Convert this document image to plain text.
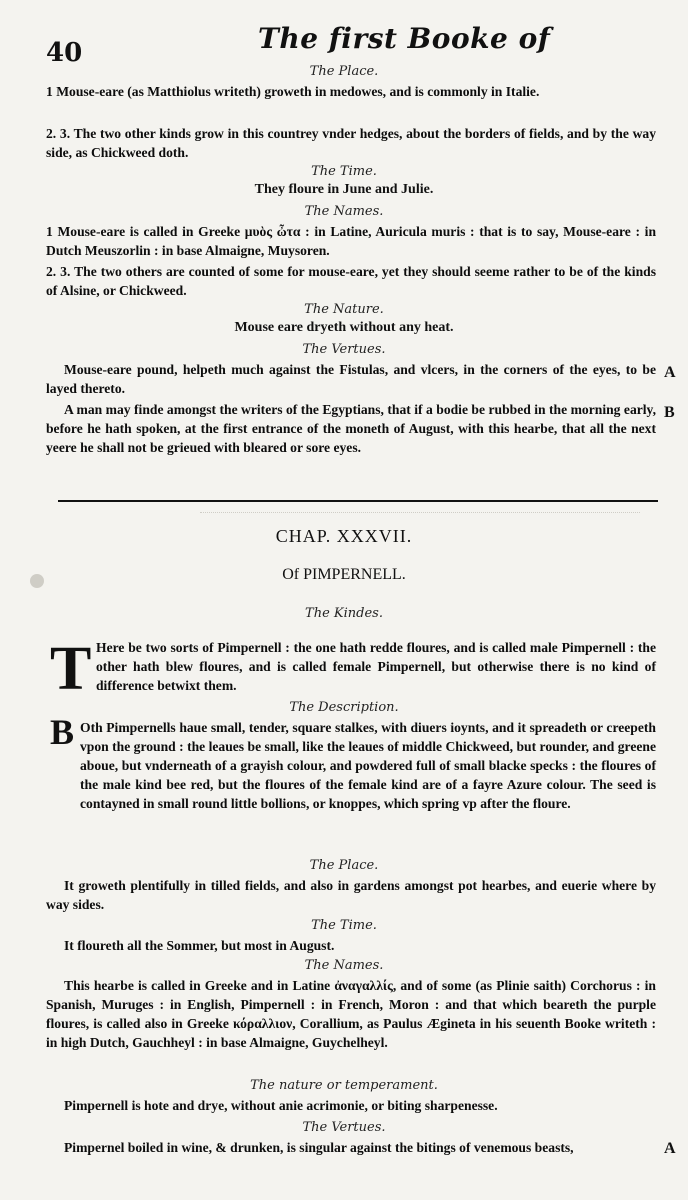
40	The first Booke of
The Place.
1 Mouse-eare (as Matthiolus writeth) groweth in medowes, and is commonly in Italie.
2. 3. The two other kinds grow in this countrey vnder hedges, about the borders of fields, and by the way side, as Chickweed doth.
The Time.
They floure in June and Julie.
The Names.
1 Mouse-eare is called in Greeke μυὸς ὦτα : in Latine, Auricula muris : that is to say, Mouse-eare : in Dutch Meuszorlin : in base Almaigne, Muysoren.
2. 3. The two others are counted of some for mouse-eare, yet they should seeme rather to be of the kinds of Alsine, or Chickweed.
The Nature.
Mouse eare dryeth without any heat.
The Vertues.
Mouse-eare pound, helpeth much against the Fistulas, and vlcers, in the corners of the eyes, to be layed thereto.
A man may finde amongst the writers of the Egyptians, that if a bodie be rubbed in the morning early, before he hath spoken, at the first entrance of the moneth of August, with this hearbe, that all the next yeere he shall not be grieued with bleared or sore eyes.
A
B
CHAP. XXXVII.
Of PIMPERNELL.
The Kindes.
T Here be two sorts of Pimpernell : the one hath redde floures, and is called male Pimpernell : the other hath blew floures, and is called female Pimpernell, but otherwise there is no kind of difference betwixt them.
The Description.
B Oth Pimpernells haue small, tender, square stalkes, with diuers ioynts, and it spreadeth or creepeth vpon the ground : the leaues be small, like the leaues of middle Chickweed, but rounder, and greene aboue, but vnderneath of a grayish colour, and powdered full of small blacke specks : the floures of the male kind bee red, but the floures of the female kind are of a fayre Azure colour. The seed is contayned in small round little bollions, or knoppes, which spring vp after the floure.
The Place.
It groweth plentifully in tilled fields, and also in gardens amongst pot hearbes, and euerie where by way sides.
The Time.
It floureth all the Sommer, but most in August.
The Names.
This hearbe is called in Greeke and in Latine ἀναγαλλίς, and of some (as Plinie saith) Corchorus : in Spanish, Muruges : in English, Pimpernell : in French, Moron : and that which beareth the purple floures, is called also in Greeke κόραλλιον, Corallium, as Paulus Ægineta in his seuenth Booke writeth : in high Dutch, Gauchheyl : in base Almaigne, Guychelheyl.
The nature or temperament.
Pimpernell is hote and drye, without anie acrimonie, or biting sharpenesse.
The Vertues.
Pimpernel boiled in wine, & drunken, is singular against the bitings of venemous beasts,	A
